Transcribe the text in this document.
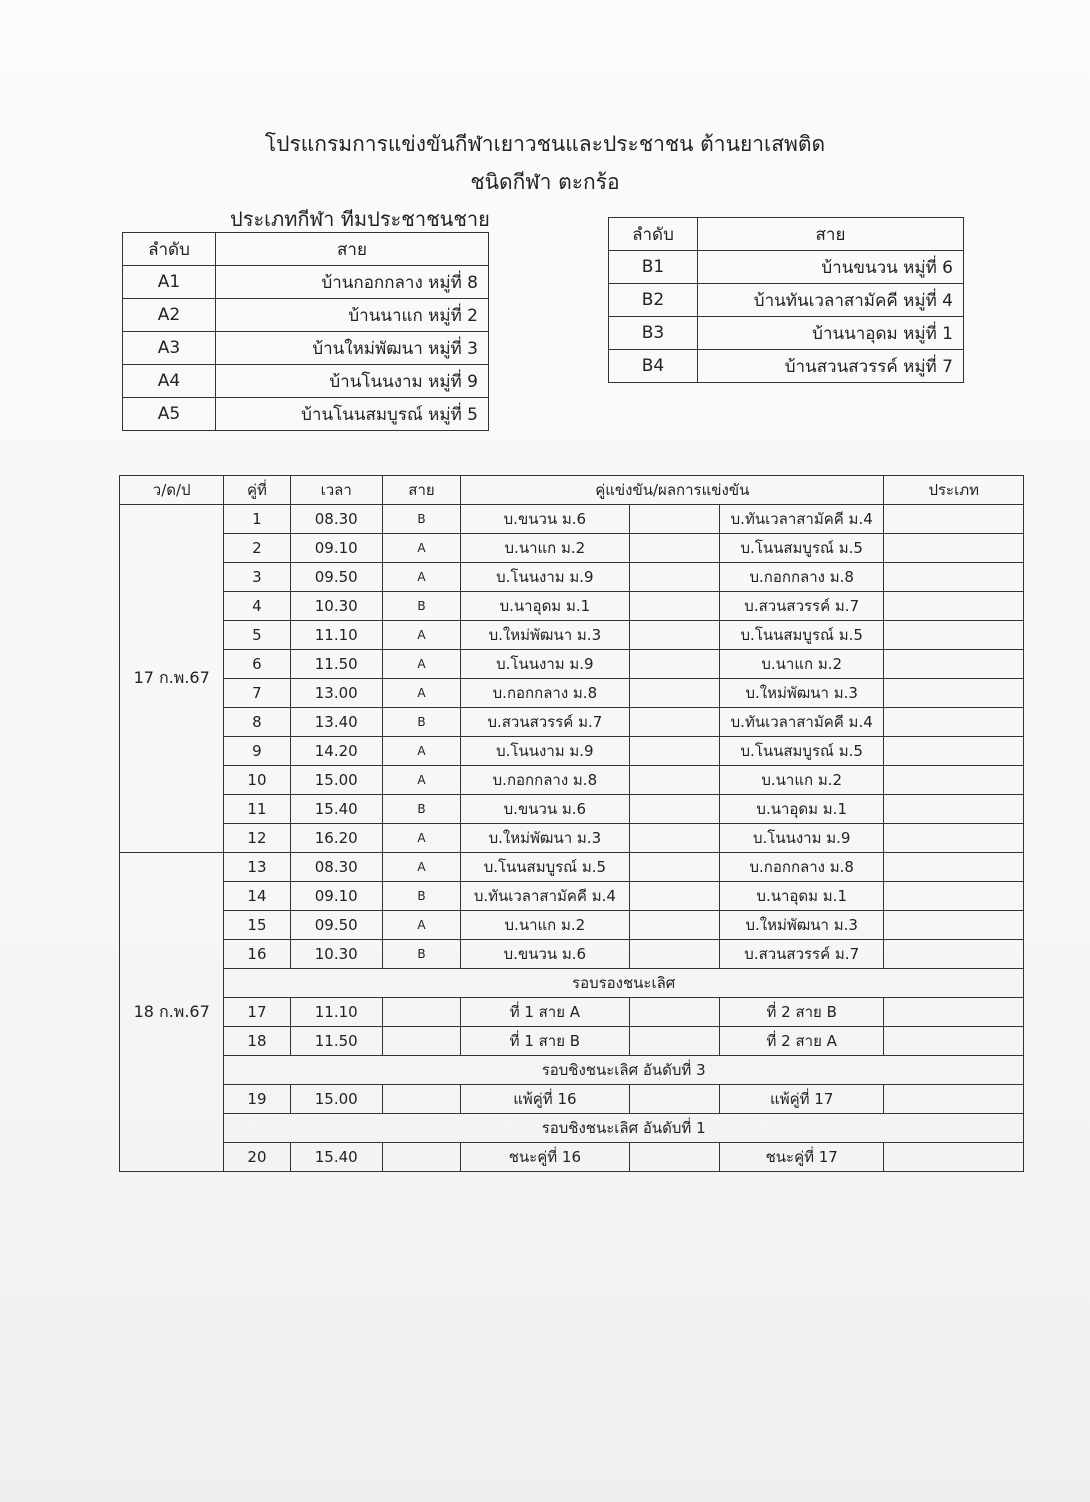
โปรแกรมการแข่งขันกีฬาเยาวชนและประชาชน ต้านยาเสพติด
ชนิดกีฬา ตะกร้อ
ประเภทกีฬา ทีมประชาชนชาย
ลำดับ	สาย
A1	บ้านกอกกลาง หมู่ที่ 8
A2	บ้านนาแก หมู่ที่ 2
A3	บ้านใหม่พัฒนา หมู่ที่ 3
A4	บ้านโนนงาม หมู่ที่ 9
A5	บ้านโนนสมบูรณ์ หมู่ที่ 5
ลำดับ	สาย
B1	บ้านขนวน หมู่ที่ 6
B2	บ้านทันเวลาสามัคคี หมู่ที่ 4
B3	บ้านนาอุดม หมู่ที่ 1
B4	บ้านสวนสวรรค์ หมู่ที่ 7
ว/ด/ป	คู่ที่	เวลา	สาย	คู่แข่งขัน/ผลการแข่งขัน			ประเภท
17 ก.พ.67	1	08.30	B	บ.ขนวน ม.6		บ.ทันเวลาสามัคคี ม.4	
	2	09.10	A	บ.นาแก ม.2		บ.โนนสมบูรณ์ ม.5	
	3	09.50	A	บ.โนนงาม ม.9		บ.กอกกลาง ม.8	
	4	10.30	B	บ.นาอุดม ม.1		บ.สวนสวรรค์ ม.7	
	5	11.10	A	บ.ใหม่พัฒนา ม.3		บ.โนนสมบูรณ์ ม.5	
	6	11.50	A	บ.โนนงาม ม.9		บ.นาแก ม.2	
	7	13.00	A	บ.กอกกลาง ม.8		บ.ใหม่พัฒนา ม.3	
	8	13.40	B	บ.สวนสวรรค์ ม.7		บ.ทันเวลาสามัคคี ม.4	
	9	14.20	A	บ.โนนงาม ม.9		บ.โนนสมบูรณ์ ม.5	
	10	15.00	A	บ.กอกกลาง ม.8		บ.นาแก ม.2	
	11	15.40	B	บ.ขนวน ม.6		บ.นาอุดม ม.1	
	12	16.20	A	บ.ใหม่พัฒนา ม.3		บ.โนนงาม ม.9	
18 ก.พ.67	13	08.30	A	บ.โนนสมบูรณ์ ม.5		บ.กอกกลาง ม.8	
	14	09.10	B	บ.ทันเวลาสามัคคี ม.4		บ.นาอุดม ม.1	
	15	09.50	A	บ.นาแก ม.2		บ.ใหม่พัฒนา ม.3	
	16	10.30	B	บ.ขนวน ม.6		บ.สวนสวรรค์ ม.7	
	รอบรองชนะเลิศ						
	17	11.10		ที่ 1 สาย A		ที่ 2 สาย B	
	18	11.50		ที่ 1 สาย B		ที่ 2 สาย A	
	รอบชิงชนะเลิศ อันดับที่ 3						
	19	15.00		แพ้คู่ที่ 16		แพ้คู่ที่ 17	
	รอบชิงชนะเลิศ อันดับที่ 1						
	20	15.40		ชนะคู่ที่ 16		ชนะคู่ที่ 17	
